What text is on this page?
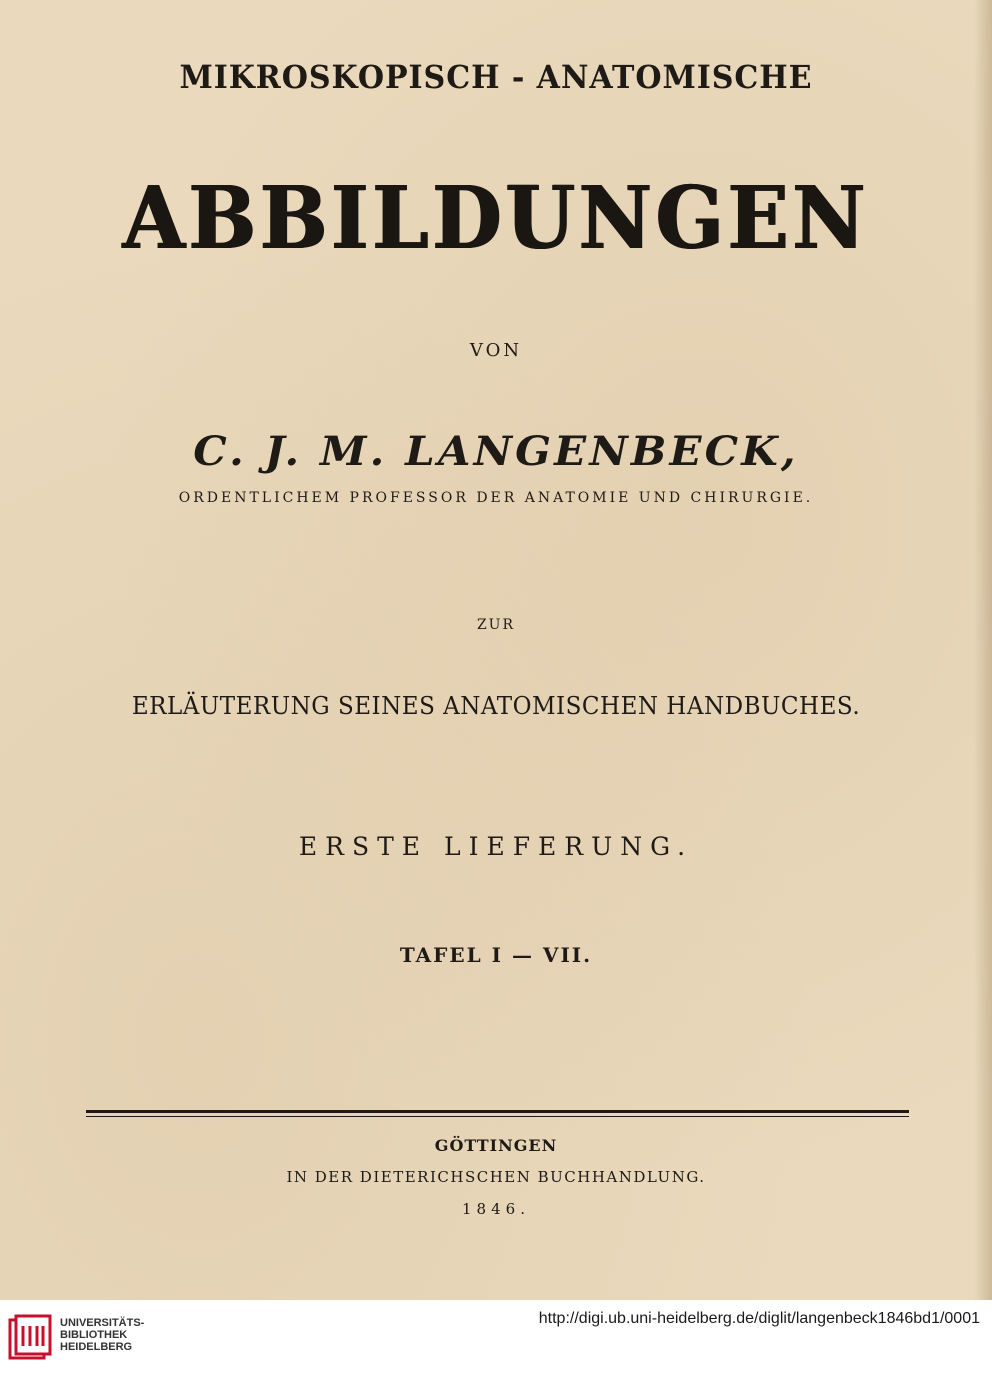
MIKROSKOPISCH - ANATOMISCHE
ABBILDUNGEN
VON
C. J. M. LANGENBECK,
ORDENTLICHEM PROFESSOR DER ANATOMIE UND CHIRURGIE.
ZUR
ERLÄUTERUNG SEINES ANATOMISCHEN HANDBUCHES.
ERSTE LIEFERUNG.
TAFEL I — VII.
GÖTTINGEN
IN DER DIETERICHSCHEN BUCHHANDLUNG.
1846.
UNIVERSITÄTS-
BIBLIOTHEK
HEIDELBERG
http://digi.ub.uni-heidelberg.de/diglit/langenbeck1846bd1/0001
